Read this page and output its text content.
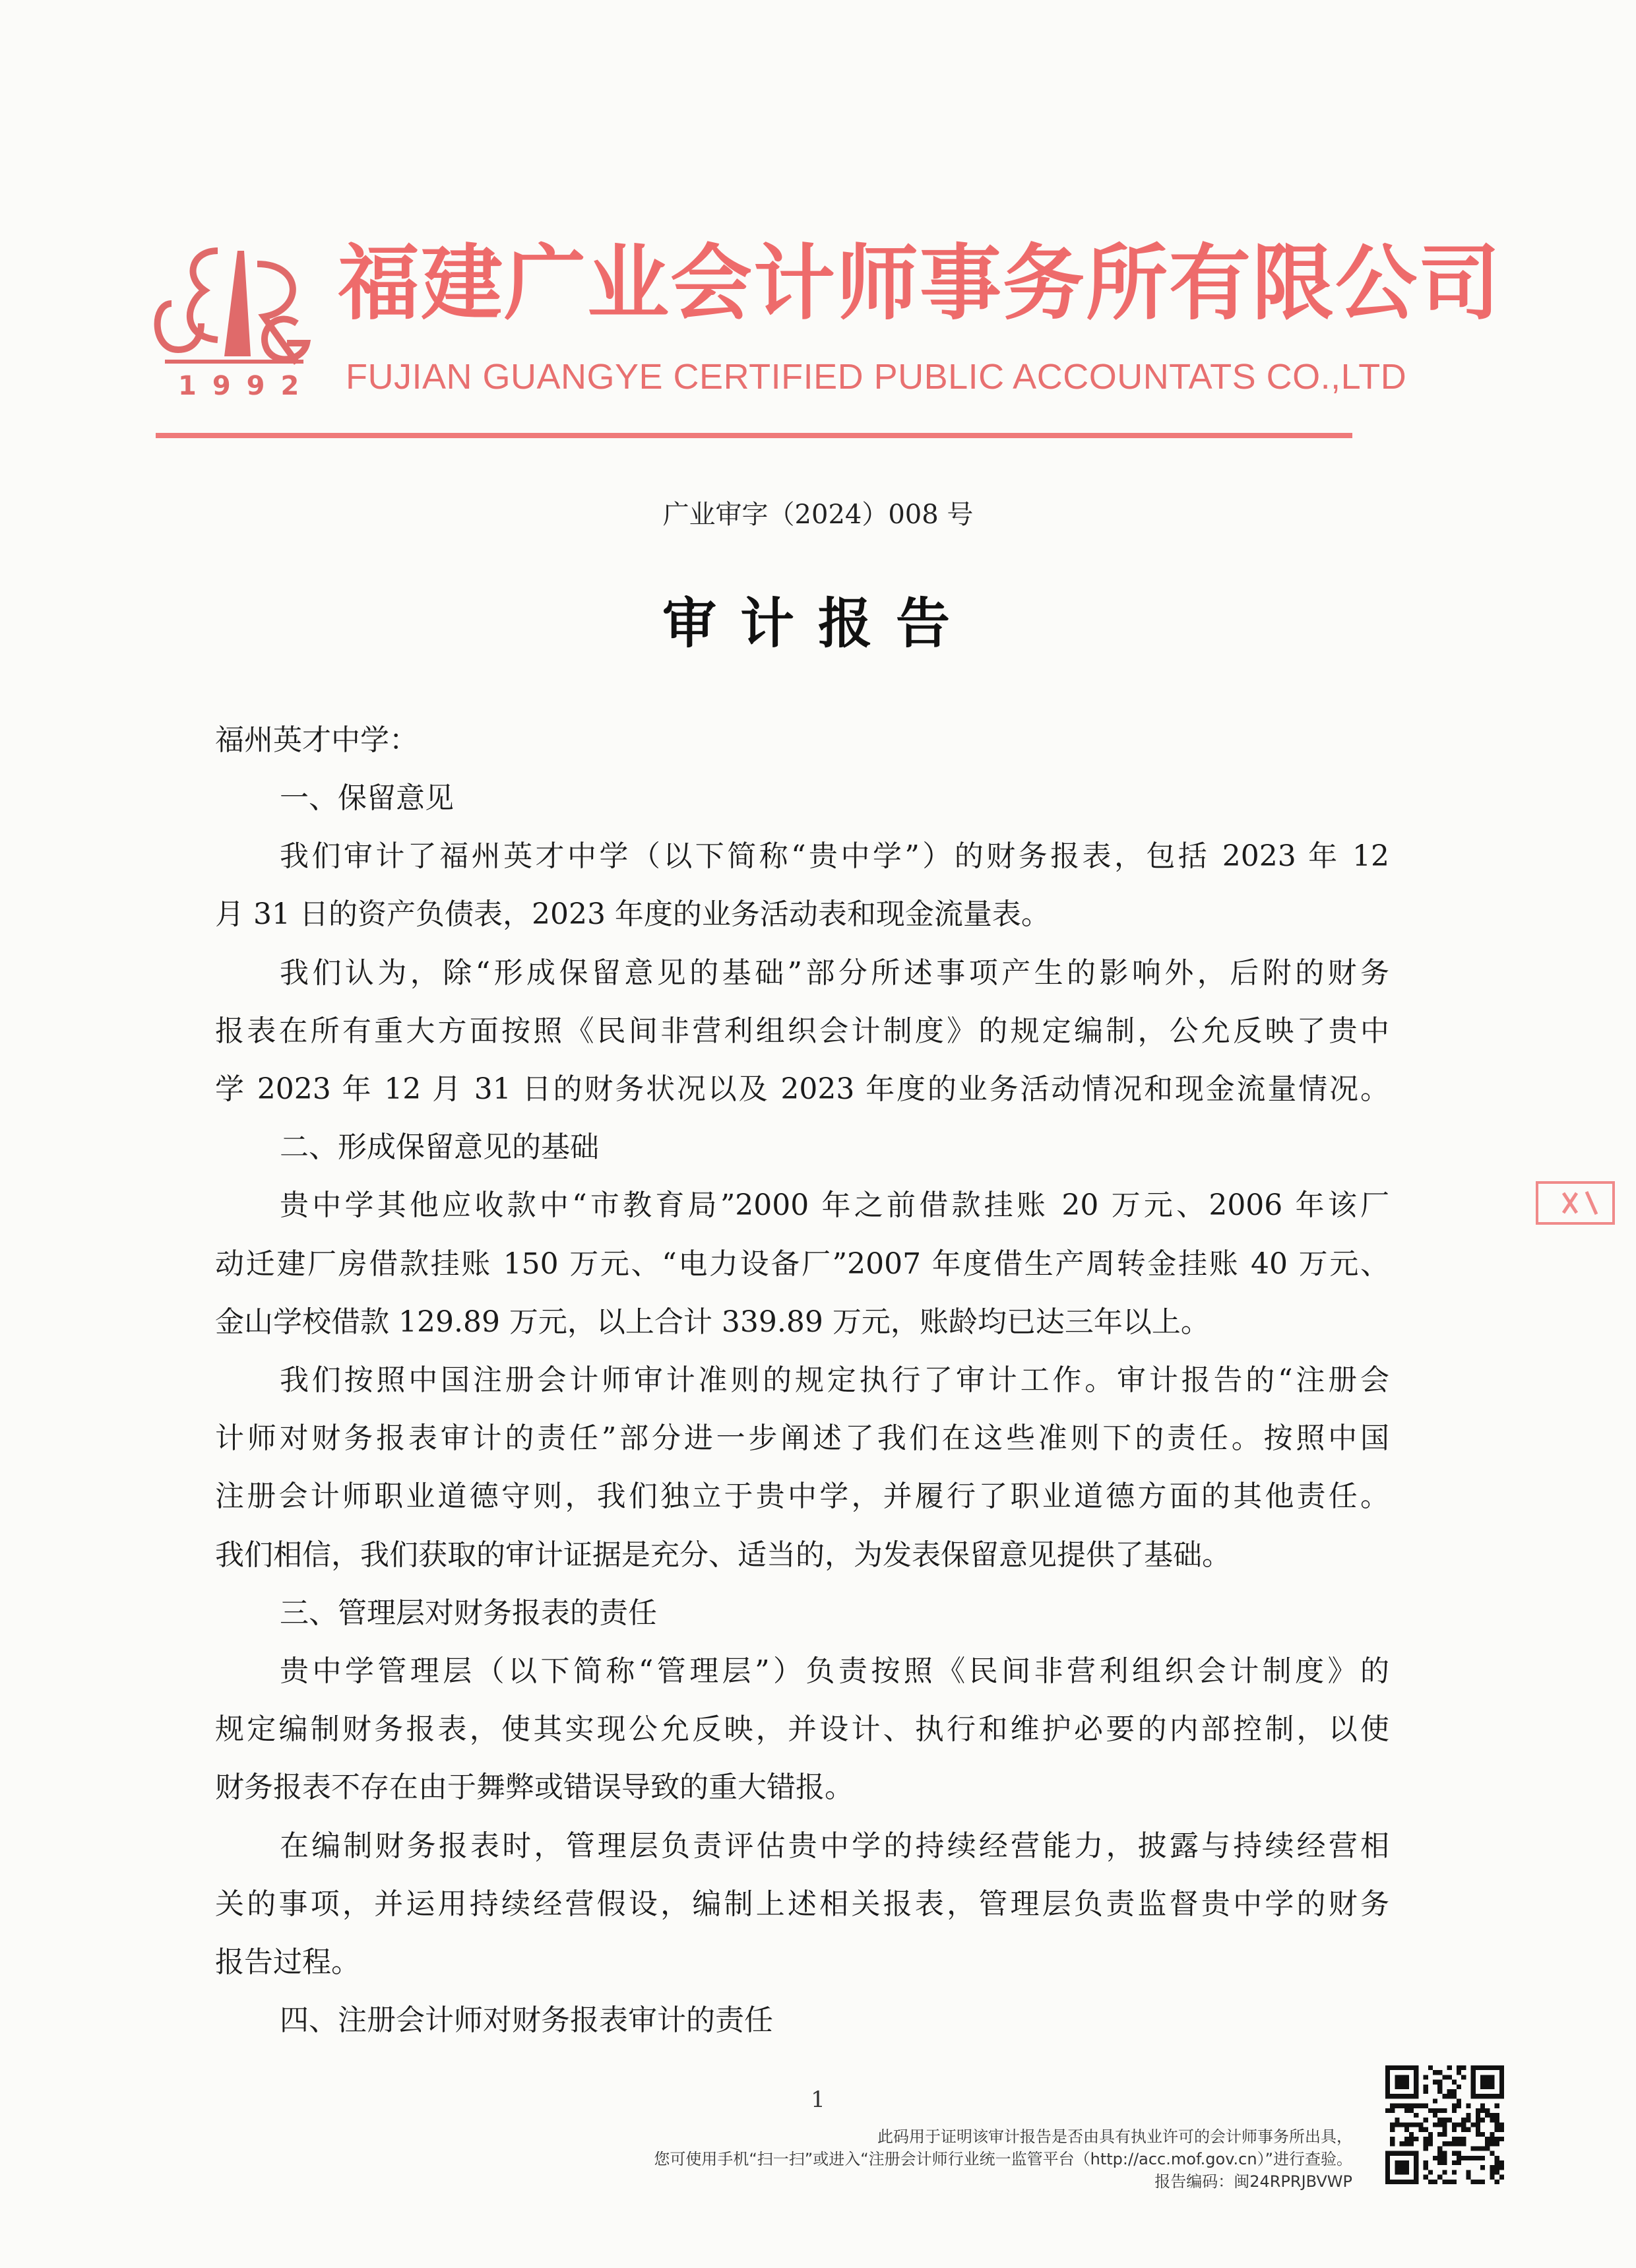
1992
福建广业会计师事务所有限公司
FUJIAN GUANGYE CERTIFIED PUBLIC ACCOUNTATS CO.,LTD
广业审字（2024）008 号
审计报告
福州英才中学：
一、保留意见
我们审计了福州英才中学（以下简称“贵中学”）的财务报表，包括 2023 年 12
月 31 日的资产负债表，2023 年度的业务活动表和现金流量表。
我们认为，除“形成保留意见的基础”部分所述事项产生的影响外，后附的财务
报表在所有重大方面按照《民间非营利组织会计制度》的规定编制，公允反映了贵中
学 2023 年 12 月 31 日的财务状况以及 2023 年度的业务活动情况和现金流量情况。
二、形成保留意见的基础
贵中学其他应收款中“市教育局”2000 年之前借款挂账 20 万元、2006 年该厂
动迁建厂房借款挂账 150 万元、“电力设备厂”2007 年度借生产周转金挂账 40 万元、
金山学校借款 129.89 万元，以上合计 339.89 万元，账龄均已达三年以上。
我们按照中国注册会计师审计准则的规定执行了审计工作。审计报告的“注册会
计师对财务报表审计的责任”部分进一步阐述了我们在这些准则下的责任。按照中国
注册会计师职业道德守则，我们独立于贵中学，并履行了职业道德方面的其他责任。
我们相信，我们获取的审计证据是充分、适当的，为发表保留意见提供了基础。
三、管理层对财务报表的责任
贵中学管理层（以下简称“管理层”）负责按照《民间非营利组织会计制度》的
规定编制财务报表，使其实现公允反映，并设计、执行和维护必要的内部控制，以使
财务报表不存在由于舞弊或错误导致的重大错报。
在编制财务报表时，管理层负责评估贵中学的持续经营能力，披露与持续经营相
关的事项，并运用持续经营假设，编制上述相关报表，管理层负责监督贵中学的财务
报告过程。
四、注册会计师对财务报表审计的责任
1
此码用于证明该审计报告是否由具有执业许可的会计师事务所出具，
您可使用手机“扫一扫”或进入“注册会计师行业统一监管平台（http://acc.mof.gov.cn）”进行查验。
报告编码：闽24RPRJBVWP
